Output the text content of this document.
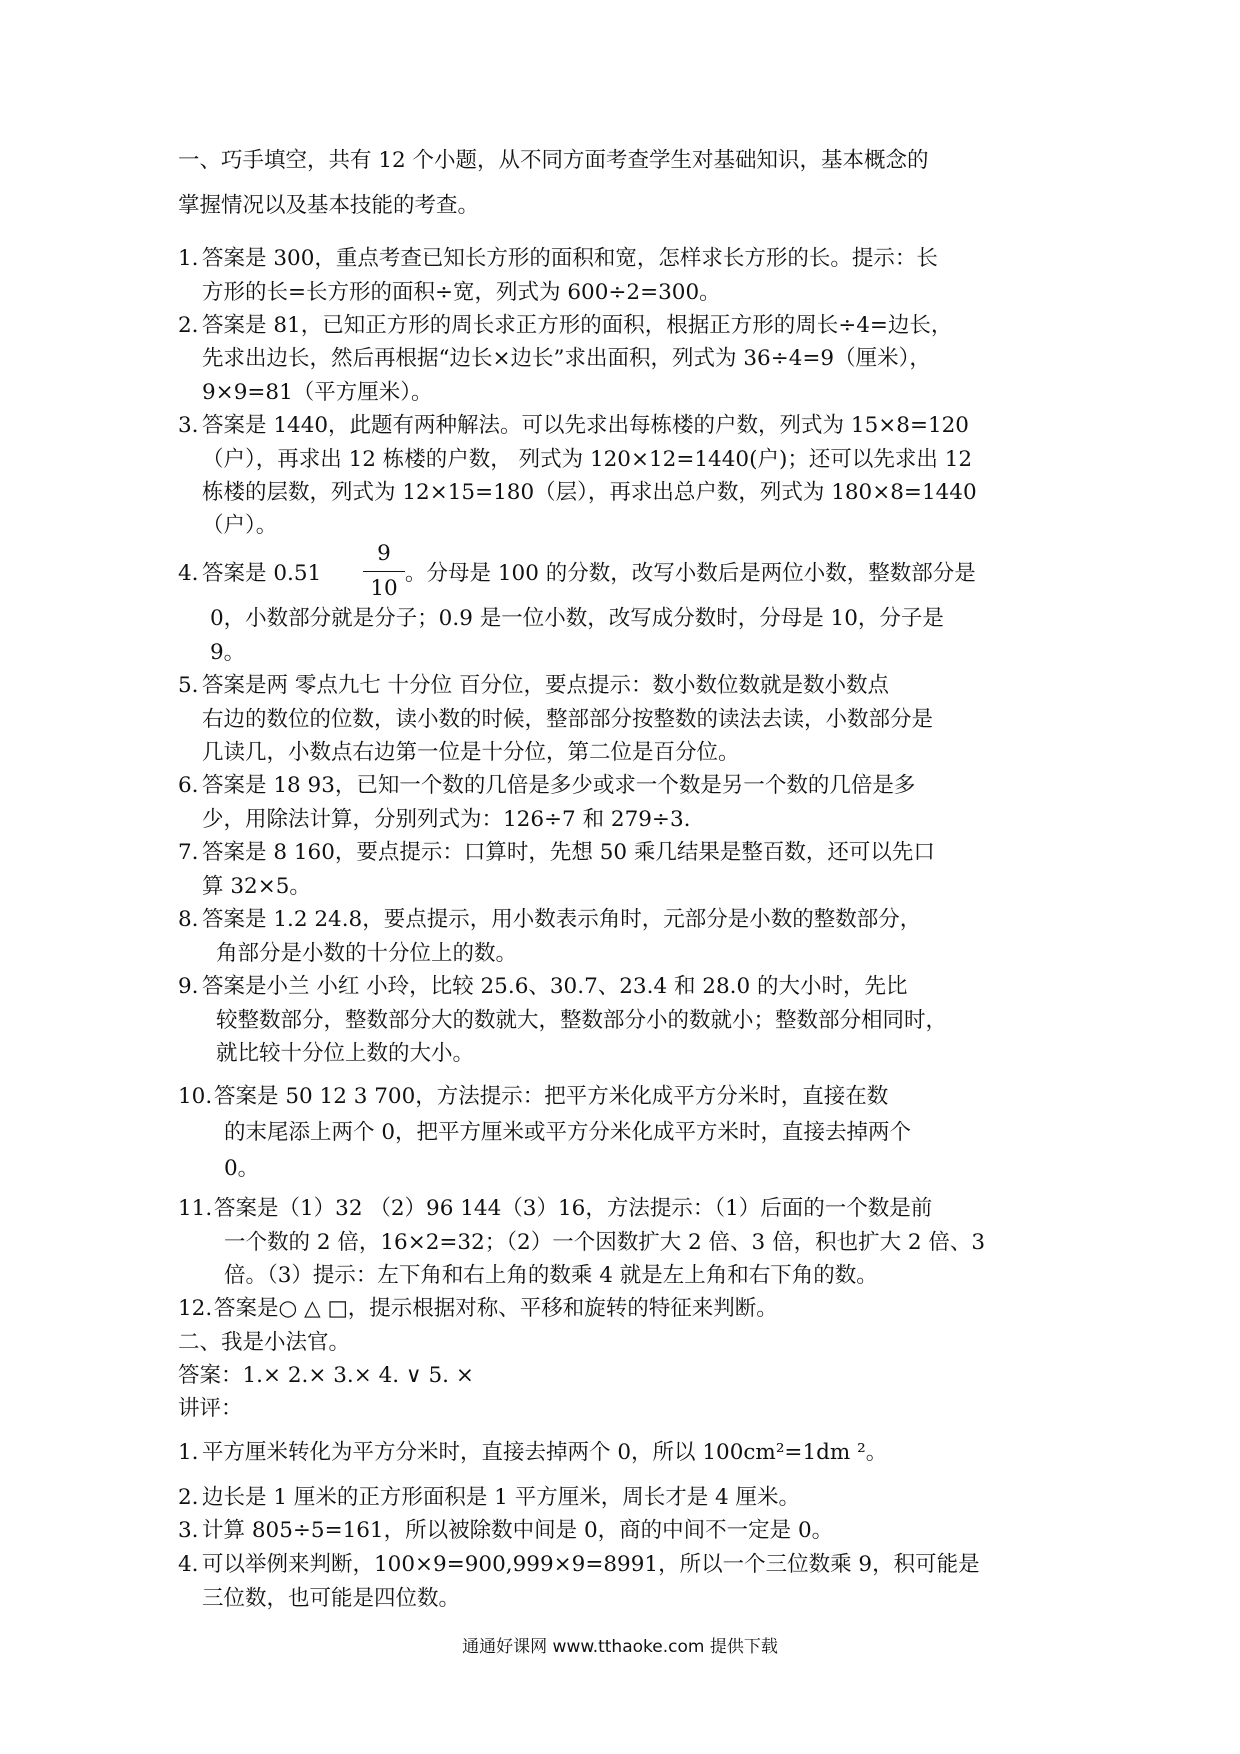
一、巧手填空，共有 12 个小题，从不同方面考查学生对基础知识，基本概念的
掌握情况以及基本技能的考查。
1. 答案是 300，重点考查已知长方形的面积和宽，怎样求长方形的长。提示：长
方形的长=长方形的面积÷宽，列式为 600÷2=300。
2. 答案是 81，已知正方形的周长求正方形的面积，根据正方形的周长÷4=边长，
先求出边长，然后再根据“边长×边长”求出面积，列式为 36÷4=9（厘米），
9×9=81（平方厘米）。
3. 答案是 1440，此题有两种解法。可以先求出每栋楼的户数，列式为 15×8=120
（户），再求出 12 栋楼的户数， 列式为 120×12=1440(户)；还可以先求出 12
栋楼的层数，列式为 12×15=180（层），再求出总户数，列式为 180×8=1440
（户）。
4. 答案是 0.51
9
10
。分母是 100 的分数，改写小数后是两位小数，整数部分是
0，小数部分就是分子；0.9 是一位小数，改写成分数时，分母是 10，分子是
9。
5. 答案是两 零点九七 十分位 百分位，要点提示：数小数位数就是数小数点
右边的数位的位数，读小数的时候，整部部分按整数的读法去读，小数部分是
几读几，小数点右边第一位是十分位，第二位是百分位。
6. 答案是 18 93，已知一个数的几倍是多少或求一个数是另一个数的几倍是多
少，用除法计算，分别列式为：126÷7 和 279÷3.
7. 答案是 8 160，要点提示：口算时，先想 50 乘几结果是整百数，还可以先口
算 32×5。
8. 答案是 1.2 24.8，要点提示，用小数表示角时，元部分是小数的整数部分，
角部分是小数的十分位上的数。
9. 答案是小兰 小红 小玲，比较 25.6、30.7、23.4 和 28.0 的大小时，先比
较整数部分，整数部分大的数就大，整数部分小的数就小；整数部分相同时，
就比较十分位上数的大小。
10. 答案是 50 12 3 700，方法提示：把平方米化成平方分米时，直接在数
的末尾添上两个 0，把平方厘米或平方分米化成平方米时，直接去掉两个
0。
11. 答案是（1）32 （2）96 144（3）16，方法提示：（1）后面的一个数是前
一个数的 2 倍，16×2=32；（2）一个因数扩大 2 倍、3 倍，积也扩大 2 倍、3
倍。（3）提示：左下角和右上角的数乘 4 就是左上角和右下角的数。
12. 答案是○ △ □，提示根据对称、平移和旋转的特征来判断。
二、我是小法官。
答案：1.× 2.× 3.× 4. ∨ 5. ×
讲评：
1. 平方厘米转化为平方分米时，直接去掉两个 0，所以 100cm²=1dm ²。
2. 边长是 1 厘米的正方形面积是 1 平方厘米，周长才是 4 厘米。
3. 计算 805÷5=161，所以被除数中间是 0，商的中间不一定是 0。
4. 可以举例来判断，100×9=900,999×9=8991，所以一个三位数乘 9，积可能是
三位数，也可能是四位数。
通通好课网 www.tthaoke.com 提供下载
